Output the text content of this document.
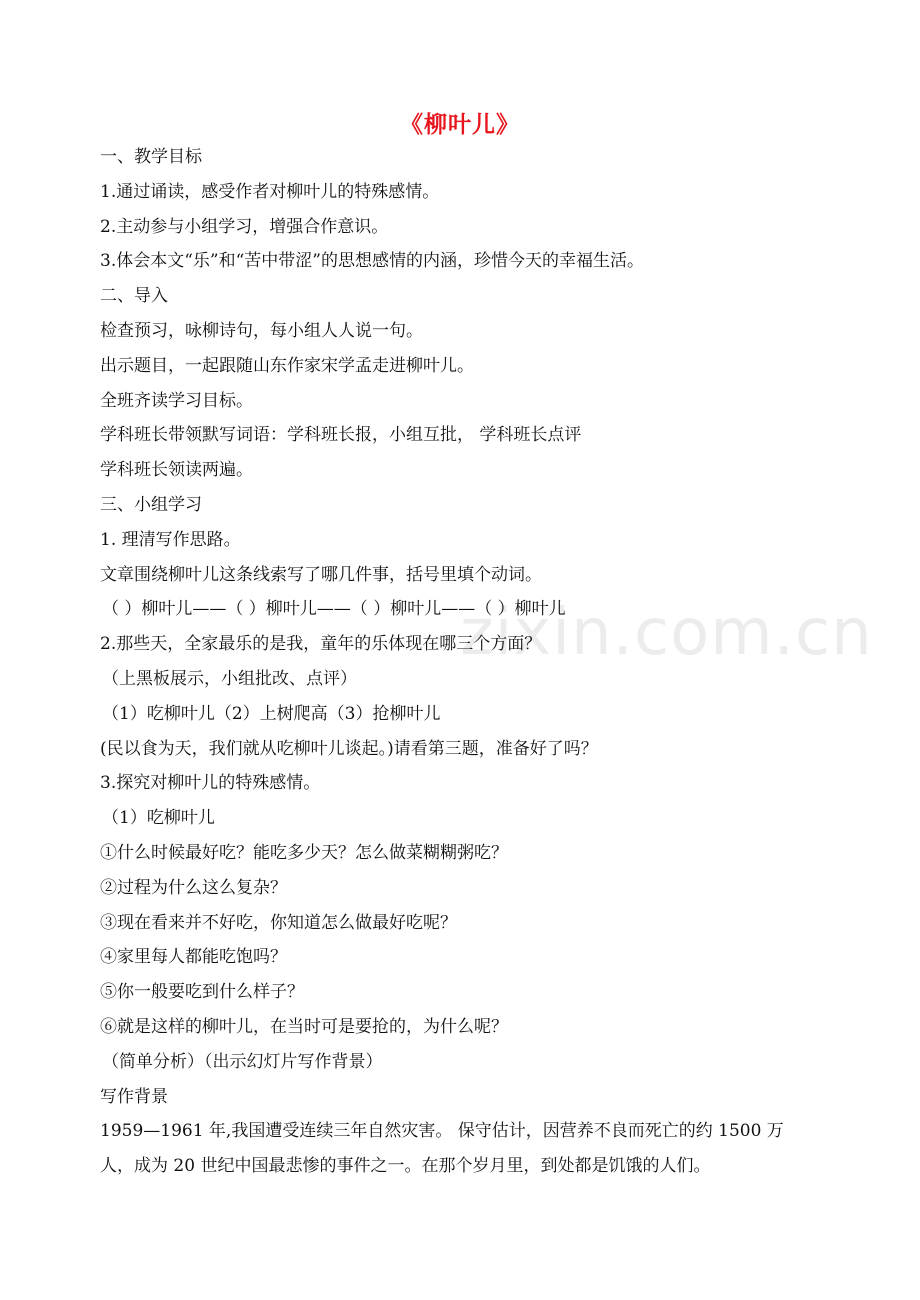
《柳叶儿》
zixin.com.cn
一、教学目标
1.通过诵读，感受作者对柳叶儿的特殊感情。
2.主动参与小组学习，增强合作意识。
3.体会本文“乐”和“苦中带涩”的思想感情的内涵，珍惜今天的幸福生活。
二、导入
检查预习，咏柳诗句，每小组人人说一句。
出示题目，一起跟随山东作家宋学孟走进柳叶儿。
全班齐读学习目标。
学科班长带领默写词语：学科班长报，小组互批， 学科班长点评
学科班长领读两遍。
三、小组学习
1. 理清写作思路。
文章围绕柳叶儿这条线索写了哪几件事，括号里填个动词。
（ ）柳叶儿——（ ）柳叶儿——（ ）柳叶儿——（ ）柳叶儿
2.那些天，全家最乐的是我，童年的乐体现在哪三个方面？
（上黑板展示，小组批改、点评）
（1）吃柳叶儿（2）上树爬高（3）抢柳叶儿
(民以食为天，我们就从吃柳叶儿谈起。)请看第三题，准备好了吗？
3.探究对柳叶儿的特殊感情。
（1）吃柳叶儿
①什么时候最好吃？能吃多少天？怎么做菜糊糊粥吃？
②过程为什么这么复杂？
③现在看来并不好吃，你知道怎么做最好吃呢？
④家里每人都能吃饱吗？
⑤你一般要吃到什么样子？
⑥就是这样的柳叶儿，在当时可是要抢的，为什么呢？
（简单分析）（出示幻灯片写作背景）
写作背景
1959—1961 年,我国遭受连续三年自然灾害。 保守估计，因营养不良而死亡的约 1500 万
人，成为 20 世纪中国最悲惨的事件之一。在那个岁月里，到处都是饥饿的人们。
